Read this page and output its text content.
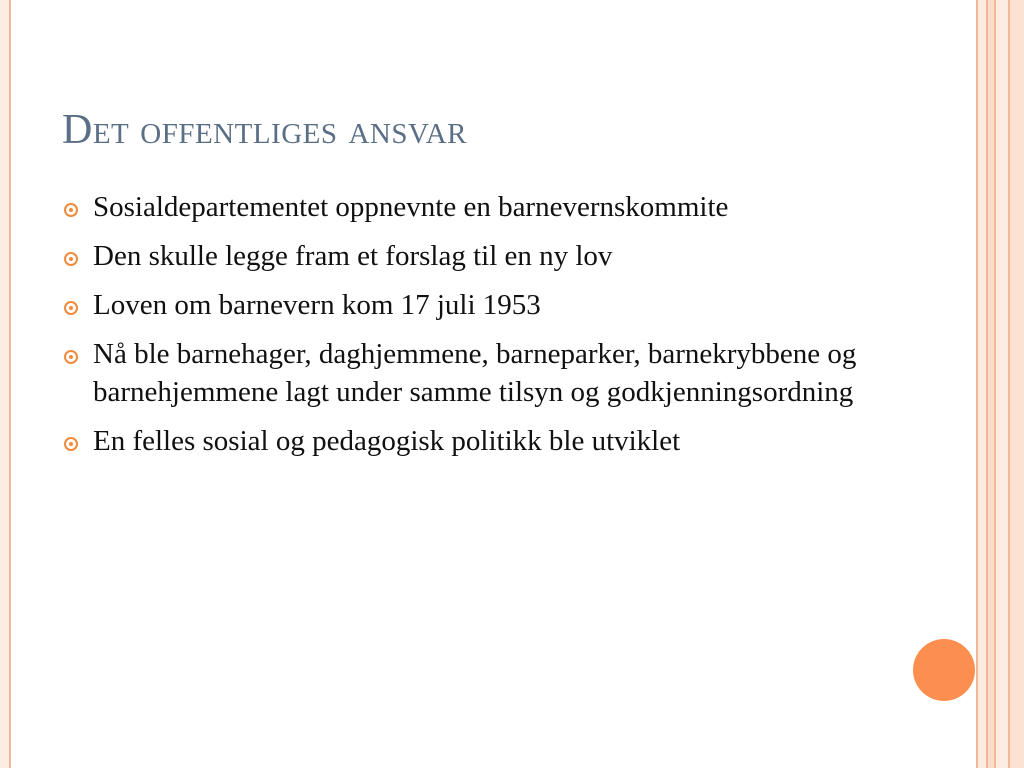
Det offentliges ansvar
Sosialdepartementet oppnevnte en barnevernskommite
Den skulle legge fram et forslag til en ny lov
Loven om barnevern kom 17 juli 1953
Nå ble barnehager, daghjemmene, barneparker, barnekrybbene og barnehjemmene lagt under samme tilsyn og godkjenningsordning
En felles sosial og pedagogisk politikk ble utviklet
